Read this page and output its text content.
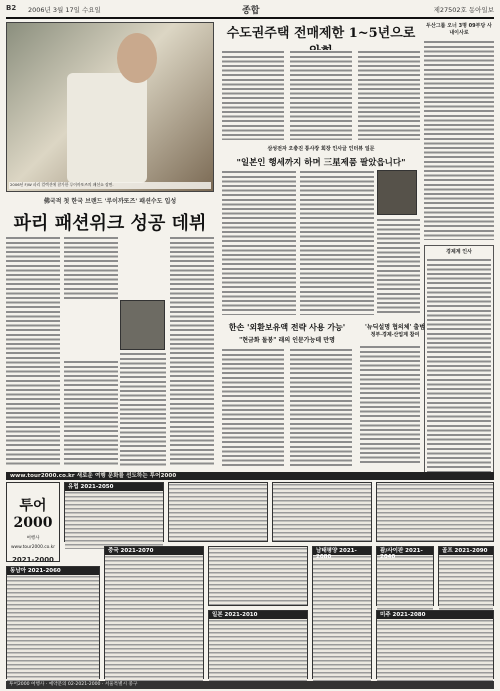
B2 2006년 3월 17일 수요일	종합	제27502호 동아일보
2006년 F/W 파리 컬렉션에 참가한 루이까또즈의 패션쇼 장면.
佛국적 첫 한국 브랜드 '루이까또즈' 패션수도 입성
파리 패션위크 성공 데뷔
수도권주택 전매제한 1~5년으로	두산그룹 오너 3명 09부당 사내이사로
삼성전자 오충진 통사장 회장 인사글 인터뷰 일문
"일본인 행세까지 하며 三星제품 팔았읍니다"
경제계 인사
한손 '외환보유액 전략 사용 가능'
"현금화 돌봉" 래의 인문가능데 만명
'뉴딕설명 협의체' 출범
정부·경제·산업계 참여
www.tour2000.co.kr 새로운 여행 문화를 선도하는 투어2000
투어2000
여행사
www.tour2000.co.kr
2021-2000
유럽 2021-2050
동남아 2021-2060
중국 2021-2070
일본 2021-2010
남태평양 2021-2080
괌/사이판 2021-2040
골프 2021-2090
미주 2021-2080
투어2000 여행사 · 예약문의 02-2021-2000 · 서울특별시 중구
